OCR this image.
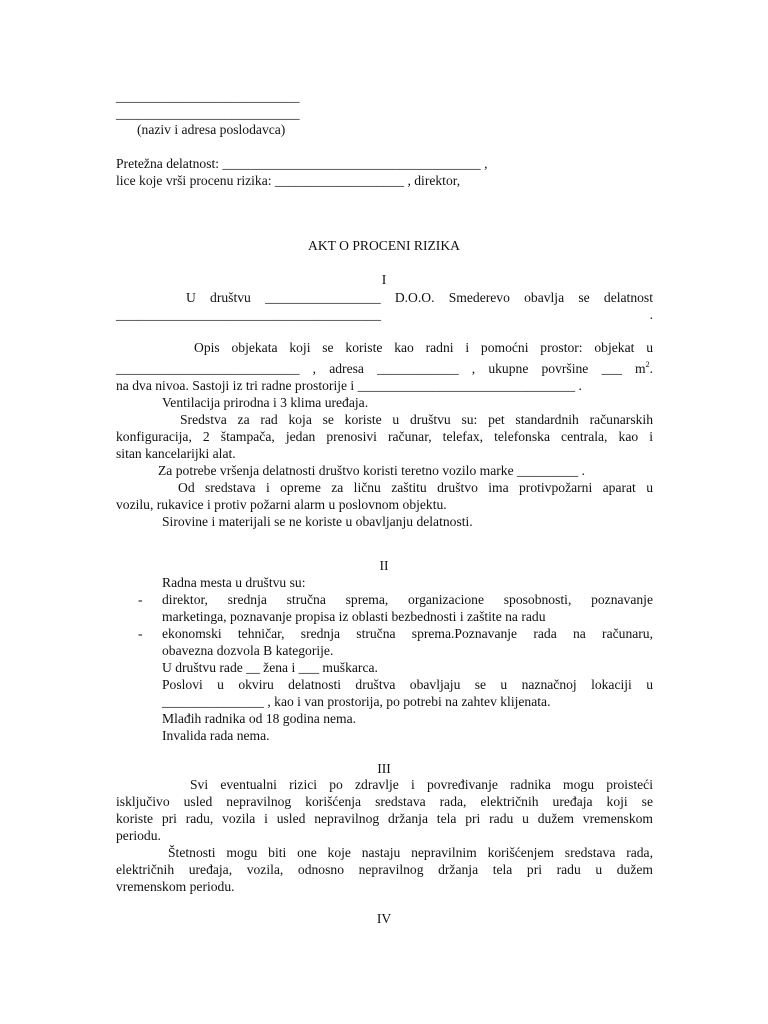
___________________________
___________________________
(naziv i adresa poslodavca)
Pretežna delatnost: ______________________________________ ,
lice koje vrši procenu rizika: ___________________ , direktor,
AKT O PROCENI RIZIKA
I
U društvu _________________ D.O.O. Smederevo obavlja se delatnost _______________________________________ .
Opis objekata koji se koriste kao radni i pomoćni prostor: objekat u
___________________________ , adresa ____________ , ukupne površine ___ $m^2$.
na dva nivoa. Sastoji iz tri radne prostorije i ________________________________ .
Ventilacija prirodna i 3 klima uređaja.
Sredstva za rad koja se koriste u društvu su: pet standardnih računarskih
konfiguracija, 2 štampača, jedan prenosivi računar, telefax, telefonska centrala, kao i
sitan kancelarijki alat.
Za potrebe vršenja delatnosti društvo koristi teretno vozilo marke _________ .
Od sredstava i opreme za ličnu zaštitu društvo ima protivpožarni aparat u
vozilu, rukavice i protiv požarni alarm u poslovnom objektu.
Sirovine i materijali se ne koriste u obavljanju delatnosti.
II
Radna mesta u društvu su:
- direktor, srednja stručna sprema, organizacione sposobnosti, poznavanje
marketinga, poznavanje propisa iz oblasti bezbednosti i zaštite na radu
- ekonomski tehničar, srednja stručna sprema.Poznavanje rada na računaru,
obavezna dozvola B kategorije.
U društvu rade __ žena i ___ muškarca.
Poslovi u okviru delatnosti društva obavljaju se u naznačnoj lokaciji u
_______________ , kao i van prostorija, po potrebi na zahtev klijenata.
Mlađih radnika od 18 godina nema.
Invalida rada nema.
III
Svi eventualni rizici po zdravlje i povređivanje radnika mogu proisteći
isključivo usled nepravilnog korišćenja sredstava rada, električnih uređaja koji se
koriste pri radu, vozila i usled nepravilnog držanja tela pri radu u dužem vremenskom
periodu.
Štetnosti mogu biti one koje nastaju nepravilnim korišćenjem sredstava rada,
električnih uređaja, vozila, odnosno nepravilnog držanja tela pri radu u dužem
vremenskom periodu.
IV
